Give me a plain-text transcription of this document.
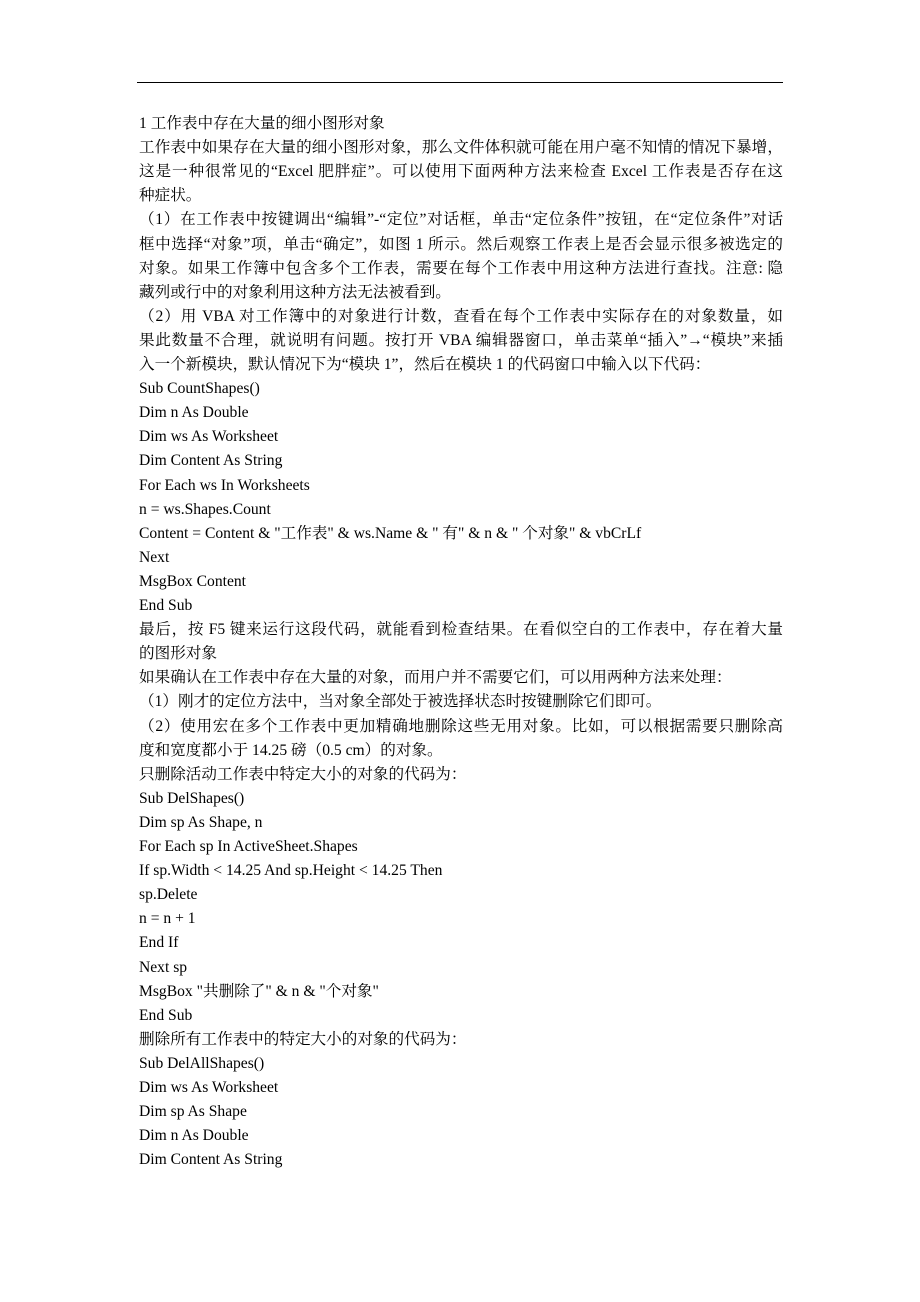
1 工作表中存在大量的细小图形对象
工作表中如果存在大量的细小图形对象，那么文件体积就可能在用户毫不知情的情况下暴增，
这是一种很常见的“Excel 肥胖症”。可以使用下面两种方法来检查 Excel 工作表是否存在这
种症状。
（1）在工作表中按键调出“编辑”-“定位”对话框，单击“定位条件”按钮，在“定位条件”对话
框中选择“对象”项，单击“确定”，如图 1 所示。然后观察工作表上是否会显示很多被选定的
对象。如果工作簿中包含多个工作表，需要在每个工作表中用这种方法进行查找。注意: 隐
藏列或行中的对象利用这种方法无法被看到。
（2）用 VBA 对工作簿中的对象进行计数，查看在每个工作表中实际存在的对象数量，如
果此数量不合理，就说明有问题。按打开 VBA 编辑器窗口，单击菜单“插入”→“模块”来插
入一个新模块，默认情况下为“模块 1”，然后在模块 1 的代码窗口中输入以下代码：
Sub CountShapes()
Dim n As Double
Dim ws As Worksheet
Dim Content As String
For Each ws In Worksheets
n = ws.Shapes.Count
Content = Content & "工作表" & ws.Name & " 有" & n & " 个对象" & vbCrLf
Next
MsgBox Content
End Sub
最后，按 F5 键来运行这段代码，就能看到检查结果。在看似空白的工作表中，存在着大量
的图形对象
如果确认在工作表中存在大量的对象，而用户并不需要它们，可以用两种方法来处理：
（1）刚才的定位方法中，当对象全部处于被选择状态时按键删除它们即可。
（2）使用宏在多个工作表中更加精确地删除这些无用对象。比如，可以根据需要只删除高
度和宽度都小于 14.25 磅（0.5 cm）的对象。
只删除活动工作表中特定大小的对象的代码为：
Sub DelShapes()
Dim sp As Shape, n
For Each sp In ActiveSheet.Shapes
If sp.Width < 14.25 And sp.Height < 14.25 Then
sp.Delete
n = n + 1
End If
Next sp
MsgBox "共删除了" & n & "个对象"
End Sub
删除所有工作表中的特定大小的对象的代码为：
Sub DelAllShapes()
Dim ws As Worksheet
Dim sp As Shape
Dim n As Double
Dim Content As String
